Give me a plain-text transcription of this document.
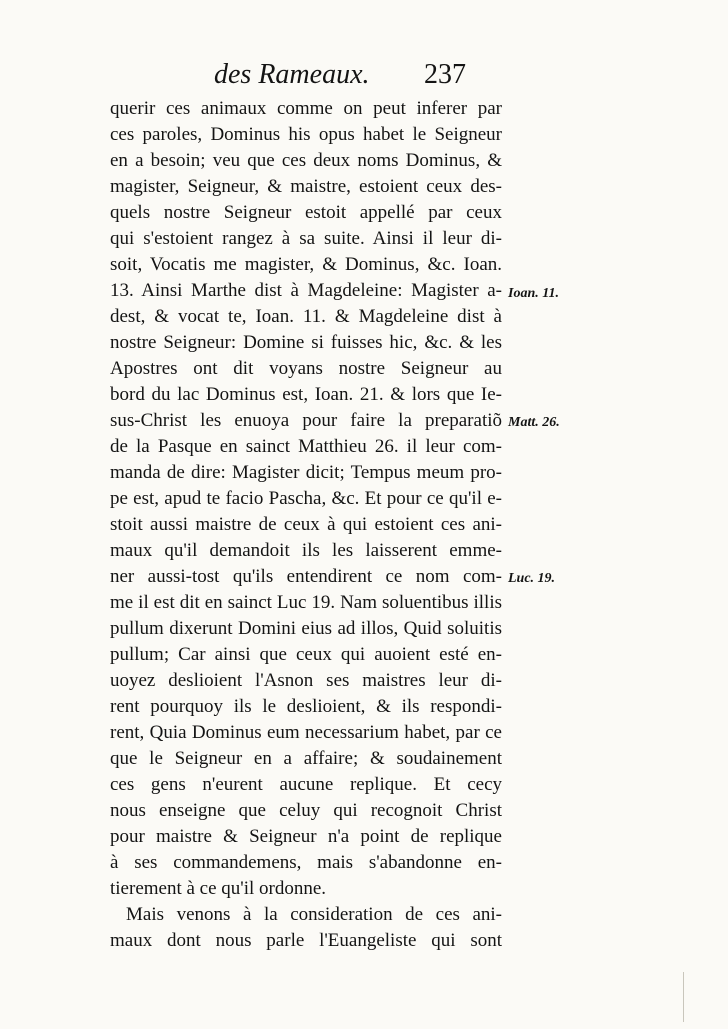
des Rameaux. 237
querir ces animaux comme on peut inferer par
ces paroles, Dominus his opus habet le Seigneur
en a besoin; veu que ces deux noms Dominus, &
magister, Seigneur, & maistre, estoient ceux des-
quels nostre Seigneur estoit appellé par ceux
qui s'estoient rangez à sa suite. Ainsi il leur di-
soit, Vocatis me magister, & Dominus, &c. Ioan.
13. Ainsi Marthe dist à Magdeleine: Magister a-
dest, & vocat te, Ioan. 11. & Magdeleine dist à
nostre Seigneur: Domine si fuisses hic, &c. & les
Apostres ont dit voyans nostre Seigneur au
bord du lac Dominus est, Ioan. 21. & lors que Ie-
sus-Christ les enuoya pour faire la preparatiõ
de la Pasque en sainct Matthieu 26. il leur com-
manda de dire: Magister dicit; Tempus meum pro-
pe est, apud te facio Pascha, &c. Et pour ce qu'il e-
stoit aussi maistre de ceux à qui estoient ces ani-
maux qu'il demandoit ils les laisserent emme-
ner aussi-tost qu'ils entendirent ce nom com-
me il est dit en sainct Luc 19. Nam soluentibus illis
pullum dixerunt Domini eius ad illos, Quid soluitis
pullum; Car ainsi que ceux qui auoient esté en-
uoyez deslioient l'Asnon ses maistres leur di-
rent pourquoy ils le deslioient, & ils respondi-
rent, Quia Dominus eum necessarium habet, par ce
que le Seigneur en a affaire; & soudainement
ces gens n'eurent aucune replique. Et cecy
nous enseigne que celuy qui recognoit Christ
pour maistre & Seigneur n'a point de replique
à ses commandemens, mais s'abandonne en-
tierement à ce qu'il ordonne.
Mais venons à la consideration de ces ani-
maux dont nous parle l'Euangeliste qui sont
Ioan. 11.
Matt. 26.
Luc. 19.
